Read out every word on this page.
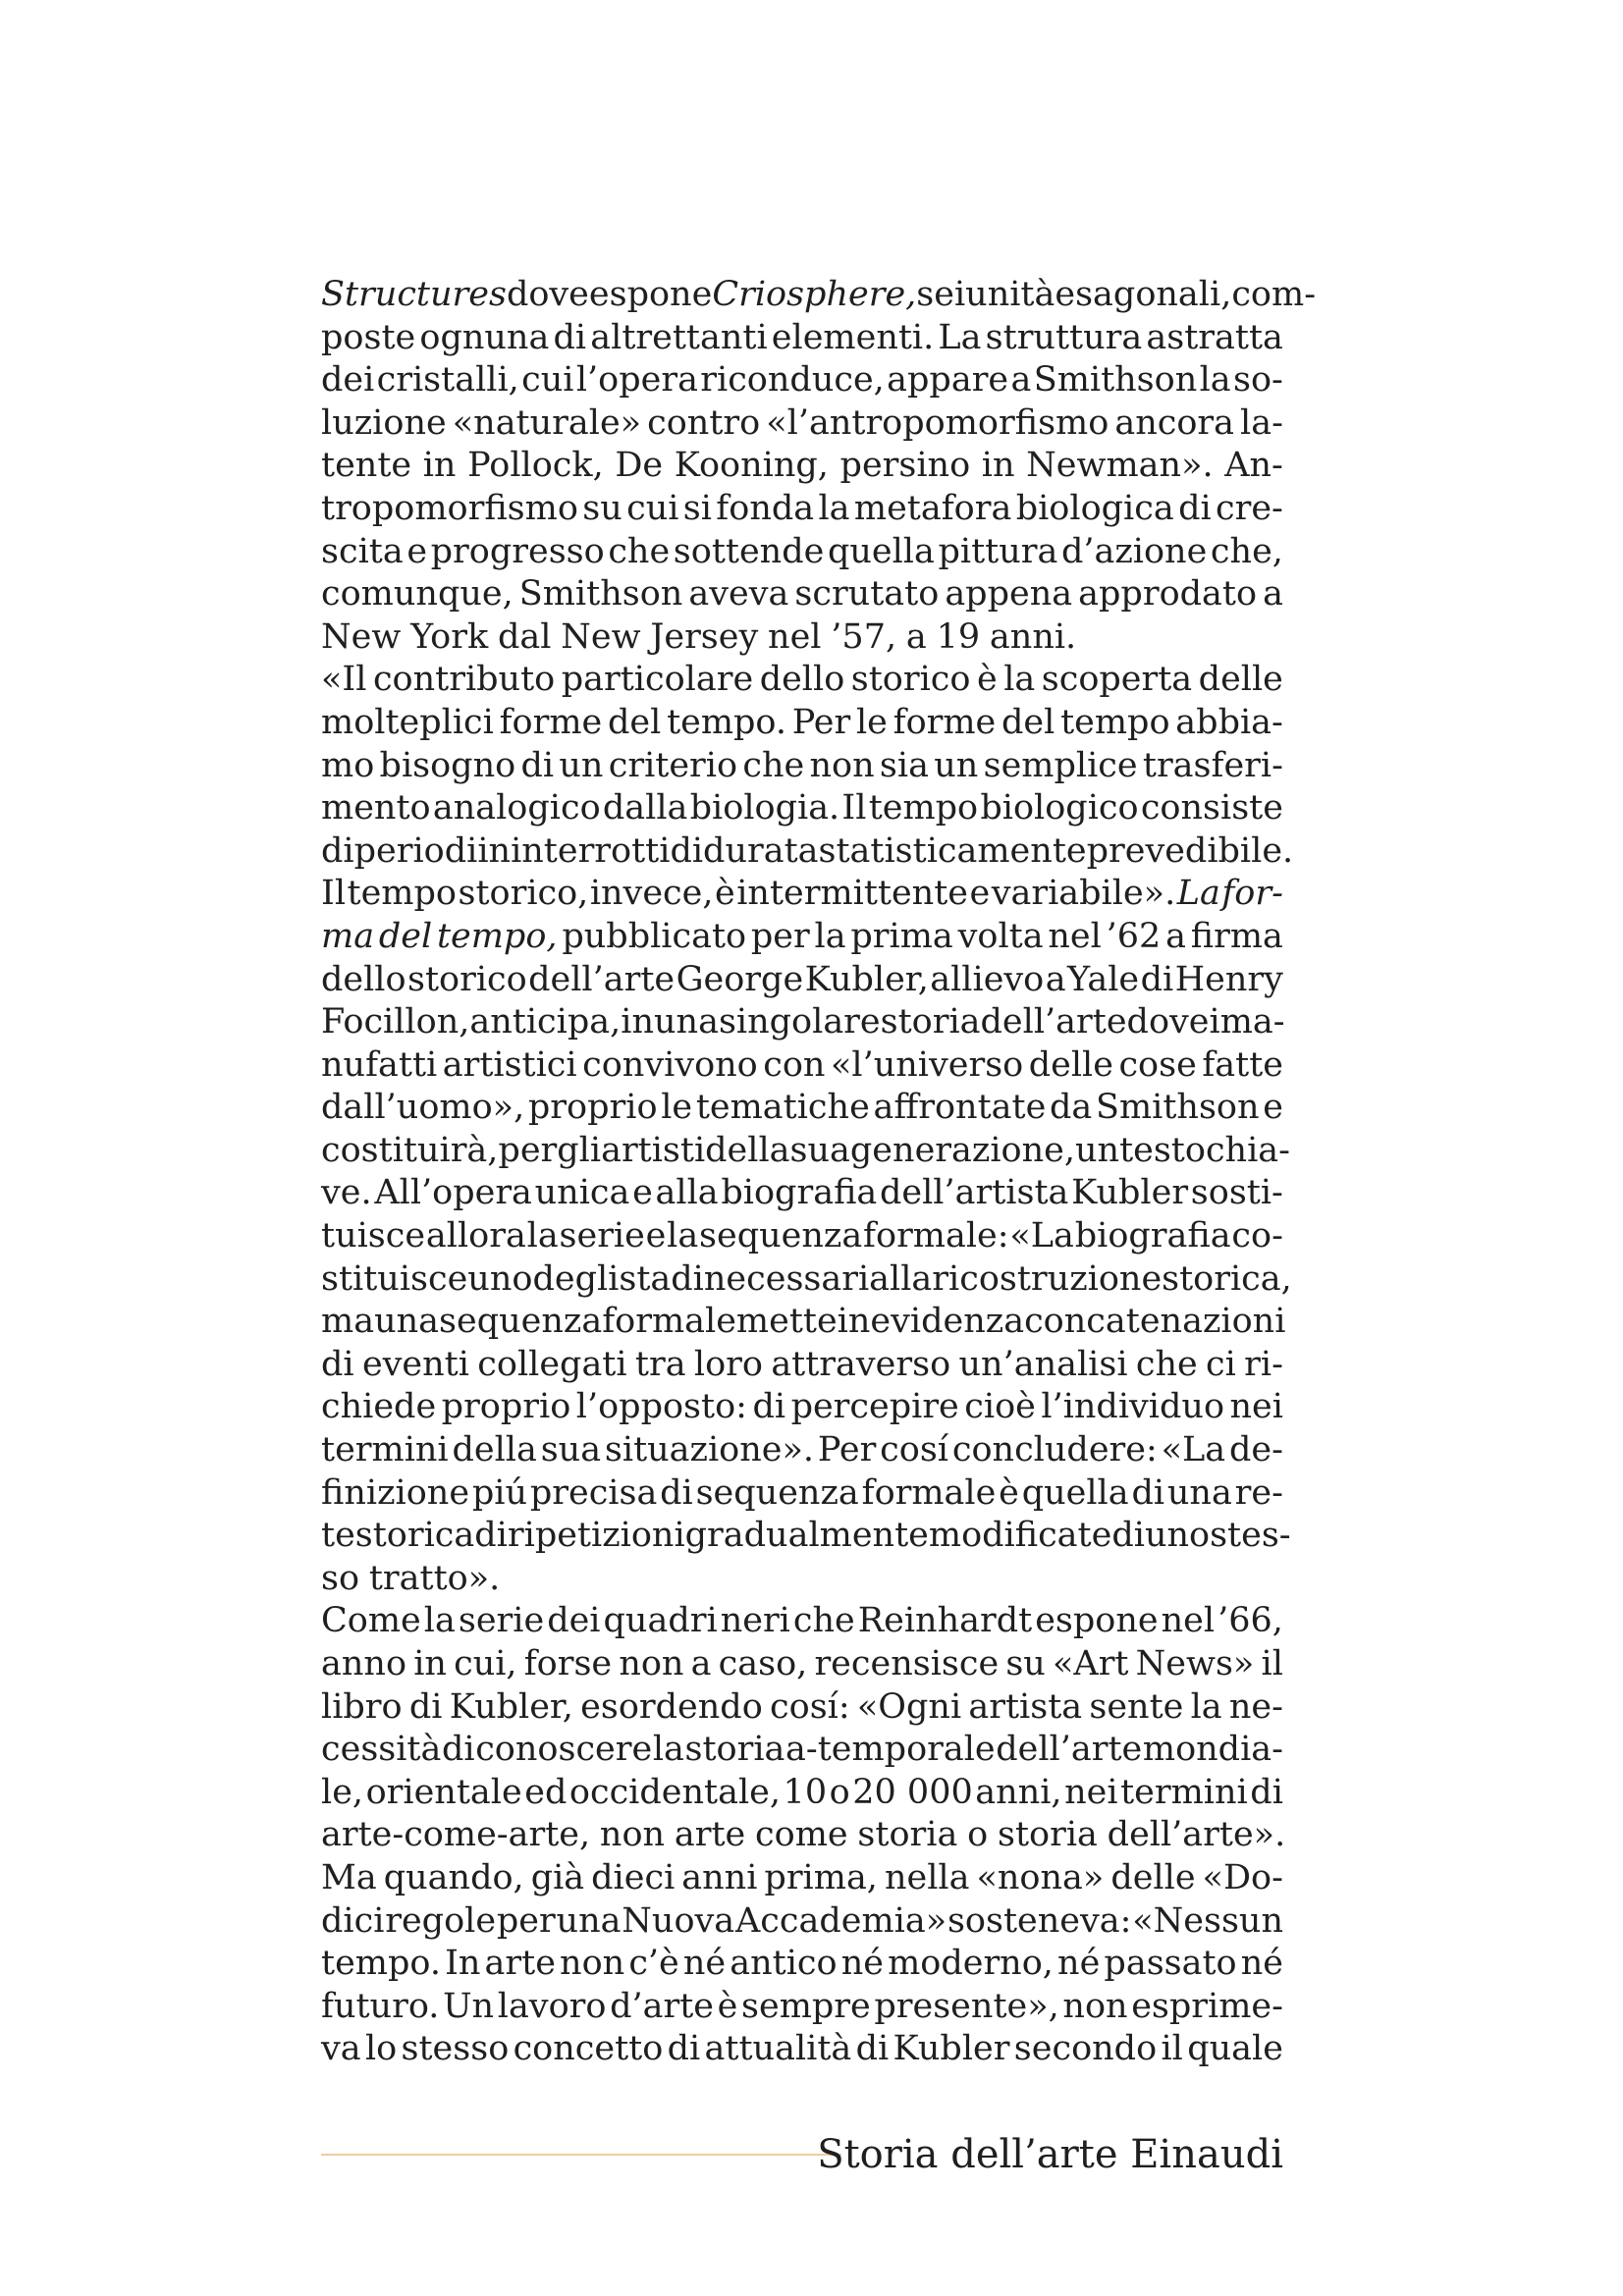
Structures dove espone Criosphere, sei unità esagonali, com-
poste ognuna di altrettanti elementi. La struttura astratta
dei cristalli, cui l’opera riconduce, appare a Smithson la so-
luzione «naturale» contro «l’antropomorfismo ancora la-
tente in Pollock, De Kooning, persino in Newman». An-
tropomorfismo su cui si fonda la metafora biologica di cre-
scita e progresso che sottende quella pittura d’azione che,
comunque, Smithson aveva scrutato appena approdato a
New York dal New Jersey nel ’57, a 19 anni.
«Il contributo particolare dello storico è la scoperta delle
molteplici forme del tempo. Per le forme del tempo abbia-
mo bisogno di un criterio che non sia un semplice trasferi-
mento analogico dalla biologia. Il tempo biologico consiste
di periodi ininterrotti di durata statisticamente prevedibile.
Il tempo storico, invece, è intermittente e variabile». La for-
ma del tempo, pubblicato per la prima volta nel ’62 a firma
dello storico dell’arte George Kubler, allievo a Yale di Henry
Focillon, anticipa, in una singolare storia dell’arte dove i ma-
nufatti artistici convivono con «l’universo delle cose fatte
dall’uomo», proprio le tematiche affrontate da Smithson e
costituirà, per gli artisti della sua generazione, un testo chia-
ve. All’opera unica e alla biografia dell’artista Kubler sosti-
tuisce allora la serie e la sequenza formale: «La biografia co-
stituisce uno degli stadi necessari alla ricostruzione storica,
ma una sequenza formale mette in evidenza concatenazioni
di eventi collegati tra loro attraverso un’analisi che ci ri-
chiede proprio l’opposto: di percepire cioè l’individuo nei
termini della sua situazione». Per cosí concludere: «La de-
finizione piú precisa di sequenza formale è quella di una re-
te storica di ripetizioni gradualmente modificate di uno stes-
so tratto».
Come la serie dei quadri neri che Reinhardt espone nel ’66,
anno in cui, forse non a caso, recensisce su «Art News» il
libro di Kubler, esordendo cosí: «Ogni artista sente la ne-
cessità di conoscere la storia a-temporale dell’arte mondia-
le, orientale ed occidentale, 10 o 20 000 anni, nei termini di
arte-come-arte, non arte come storia o storia dell’arte».
Ma quando, già dieci anni prima, nella «nona» delle «Do-
dici regole per una Nuova Accademia» sosteneva: «Nessun
tempo. In arte non c’è né antico né moderno, né passato né
futuro. Un lavoro d’arte è sempre presente», non esprime-
va lo stesso concetto di attualità di Kubler secondo il quale
Storia dell’arte Einaudi
